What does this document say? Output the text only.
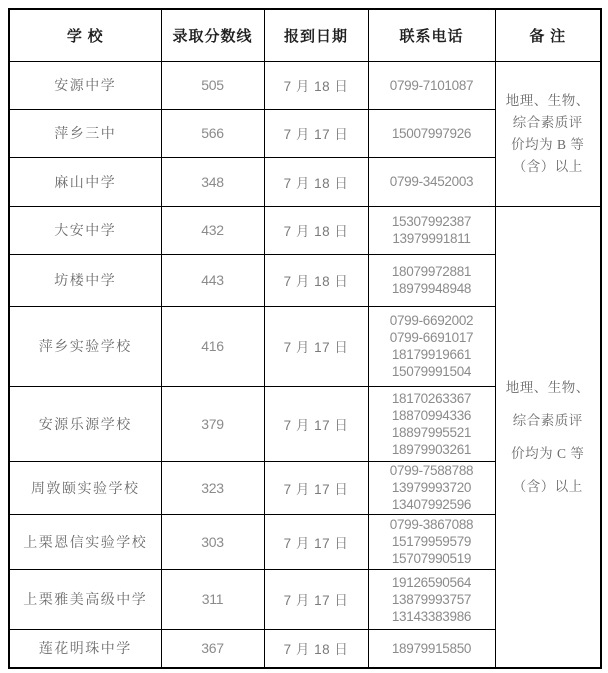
学 校	录取分数线	报到日期	联系电话	备 注
安源中学	505	7 月 18 日	0799-7101087	地理、生物、
综合素质评
价均为 B 等
（含）以上
萍乡三中	566	7 月 17 日	15007997926	
麻山中学	348	7 月 18 日	0799-3452003	
大安中学	432	7 月 18 日	15307992387
13979991811	地理、生物、
综合素质评
价均为 C 等
（含）以上
坊楼中学	443	7 月 18 日	18079972881
18979948948	
萍乡实验学校	416	7 月 17 日	0799-6692002
0799-6691017
18179919661
15079991504	
安源乐源学校	379	7 月 17 日	18170263367
18870994336
18897995521
18979903261	
周敦颐实验学校	323	7 月 17 日	0799-7588788
13979993720
13407992596	
上栗恩信实验学校	303	7 月 17 日	0799-3867088
15179959579
15707990519	
上栗雅美高级中学	311	7 月 17 日	19126590564
13879993757
13143383986	
莲花明珠中学	367	7 月 18 日	18979915850	
